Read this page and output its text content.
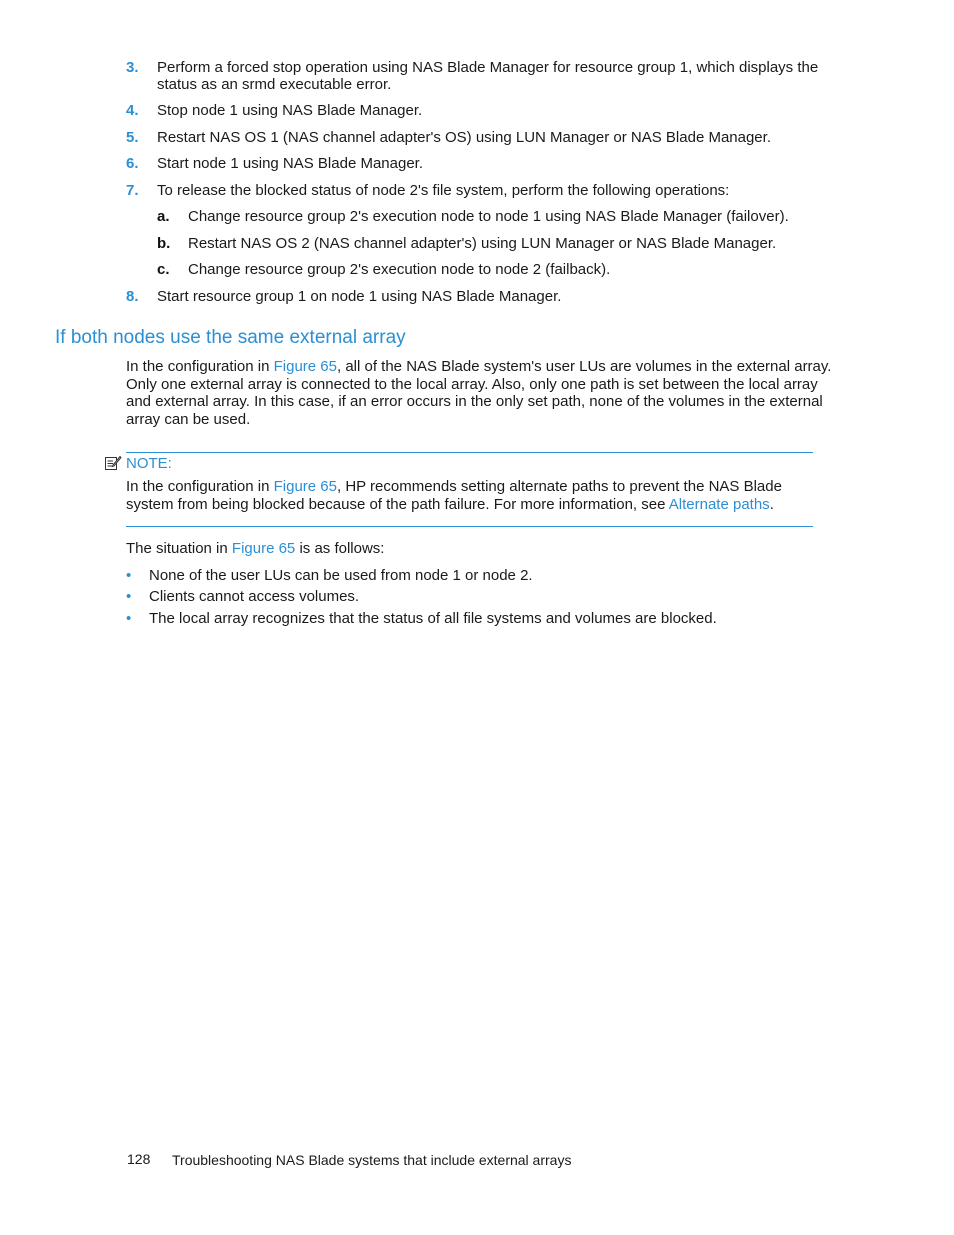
3.	Perform a forced stop operation using NAS Blade Manager for resource group 1, which displays the status as an srmd executable error.
4.	Stop node 1 using NAS Blade Manager.
5.	Restart NAS OS 1 (NAS channel adapter's OS) using LUN Manager or NAS Blade Manager.
6.	Start node 1 using NAS Blade Manager.
7.	To release the blocked status of node 2's file system, perform the following operations:
a. Change resource group 2's execution node to node 1 using NAS Blade Manager (failover).
b. Restart NAS OS 2 (NAS channel adapter's) using LUN Manager or NAS Blade Manager.
c. Change resource group 2's execution node to node 2 (failback).
8.	Start resource group 1 on node 1 using NAS Blade Manager.
If both nodes use the same external array
In the configuration in Figure 65, all of the NAS Blade system's user LUs are volumes in the external array. Only one external array is connected to the local array. Also, only one path is set between the local array and external array. In this case, if an error occurs in the only set path, none of the volumes in the external array can be used.
NOTE:
In the configuration in Figure 65, HP recommends setting alternate paths to prevent the NAS Blade system from being blocked because of the path failure. For more information, see Alternate paths.
The situation in Figure 65 is as follows:
• None of the user LUs can be used from node 1 or node 2.
• Clients cannot access volumes.
• The local array recognizes that the status of all file systems and volumes are blocked.
128 Troubleshooting NAS Blade systems that include external arrays
